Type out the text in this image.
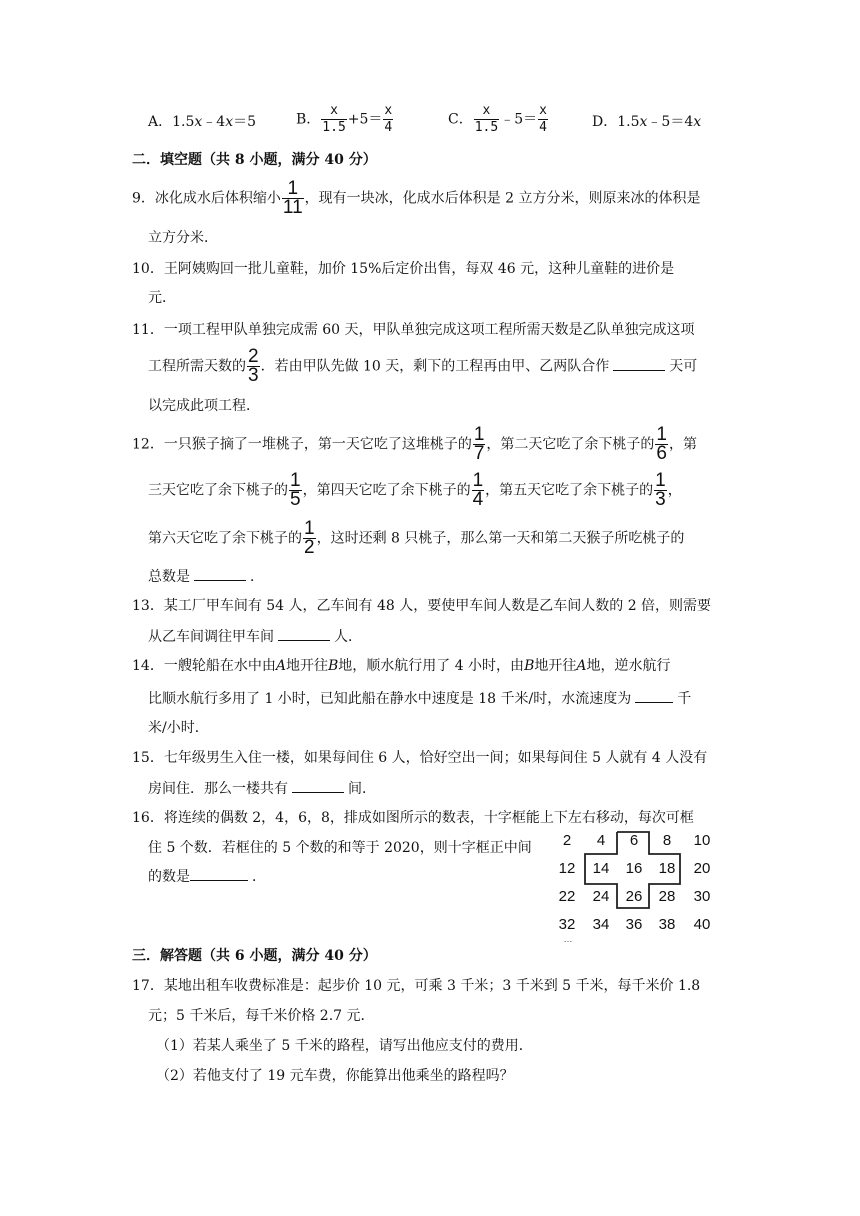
A．1.5x﹣4x＝5	B． $\frac{x}{1.5} +5= \frac{x}{4}$	C． $\frac{x}{1.5}$ ﹣5＝ $\frac{x}{4}$	D．1.5x﹣5＝4x
二．填空题（共 8 小题，满分 40 分）
9．冰化成水后体积缩小 $\frac{1}{11}$ ，现有一块冰，化成水后体积是 2 立方分米，则原来冰的体积是
立方分米．
10．王阿姨购回一批儿童鞋，加价 15%后定价出售，每双 46 元，这种儿童鞋的进价是
元．
11．一项工程甲队单独完成需 60 天，甲队单独完成这项工程所需天数是乙队单独完成这项
工程所需天数的 $\frac{2}{3}$ ．若由甲队先做 10 天，剩下的工程再由甲、乙两队合作	天可
以完成此项工程．
12．一只猴子摘了一堆桃子，第一天它吃了这堆桃子的 $\frac{1}{7}$ ，第二天它吃了余下桃子的 $\frac{1}{6}$ ，第
三天它吃了余下桃子的 $\frac{1}{5}$ ，第四天它吃了余下桃子的 $\frac{1}{4}$ ，第五天它吃了余下桃子的 $\frac{1}{3}$ ，
第六天它吃了余下桃子的 $\frac{1}{2}$ ，这时还剩 8 只桃子，那么第一天和第二天猴子所吃桃子的
总数是	．
13．某工厂甲车间有 54 人，乙车间有 48 人，要使甲车间人数是乙车间人数的 2 倍，则需要
从乙车间调往甲车间	人．
14．一艘轮船在水中由A地开往B地，顺水航行用了 4 小时，由B地开往A地，逆水航行
比顺水航行多用了 1 小时，已知此船在静水中速度是 18 千米/时，水流速度为	千
米/小时．
15．七年级男生入住一楼，如果每间住 6 人，恰好空出一间；如果每间住 5 人就有 4 人没有
房间住．那么一楼共有	间．
16．将连续的偶数 2，4，6，8，排成如图所示的数表，十字框能上下左右移动，每次可框
住 5 个数．若框住的 5 个数的和等于 2020，则十字框正中间
的数是	．
2 4 6 8 10
12 14 16 18 20
22 24 26 28 30
32 34 36 38 40
…
三．解答题（共 6 小题，满分 40 分）
17．某地出租车收费标准是：起步价 10 元，可乘 3 千米；3 千米到 5 千米，每千米价 1.8
元；5 千米后，每千米价格 2.7 元．
（1）若某人乘坐了 5 千米的路程，请写出他应支付的费用．
（2）若他支付了 19 元车费，你能算出他乘坐的路程吗？
